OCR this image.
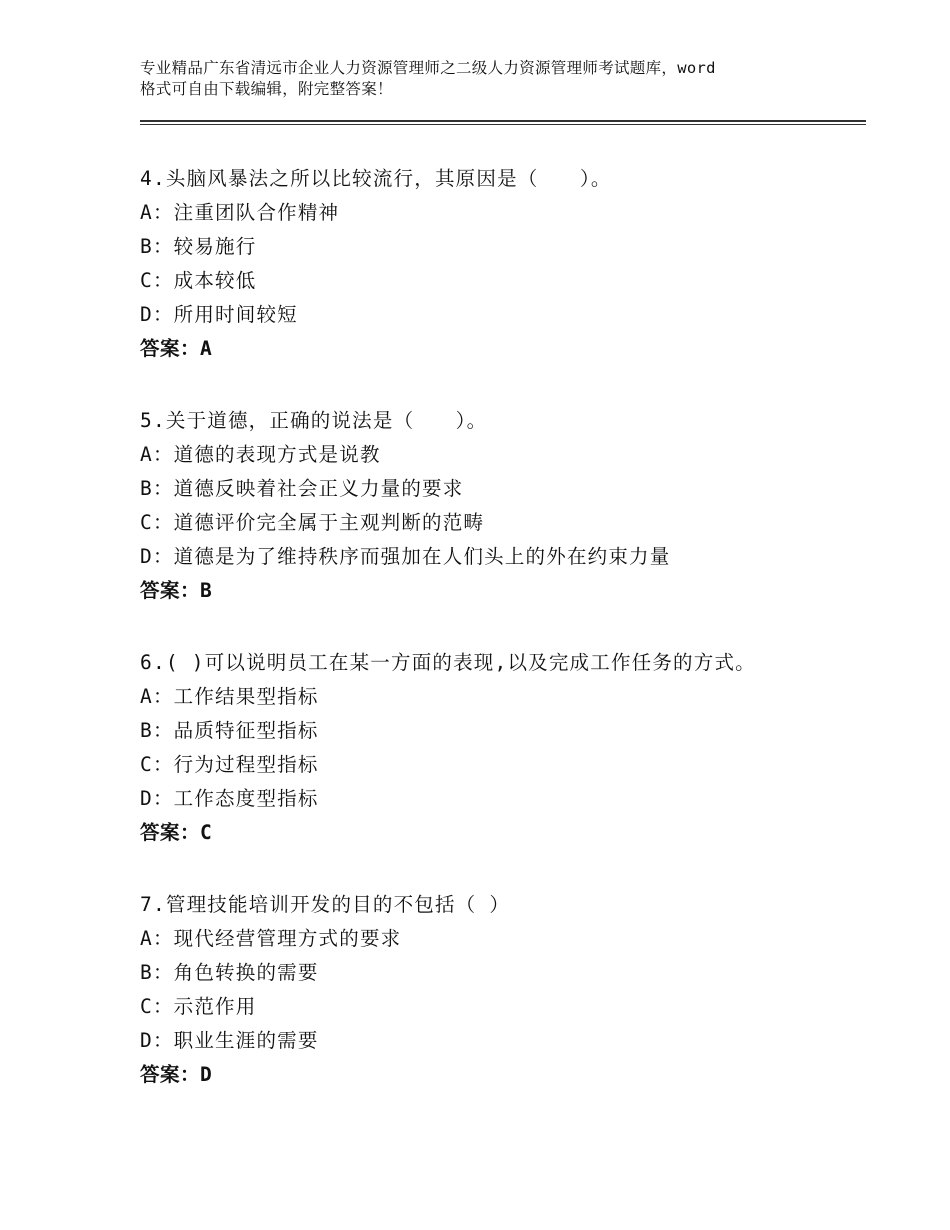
专业精品广东省清远市企业人力资源管理师之二级人力资源管理师考试题库，word
格式可自由下载编辑，附完整答案！
4.头脑风暴法之所以比较流行，其原因是（　　）。
A：注重团队合作精神
B：较易施行
C：成本较低
D：所用时间较短
答案：A
5.关于道德，正确的说法是（　　）。
A：道德的表现方式是说教
B：道德反映着社会正义力量的要求
C：道德评价完全属于主观判断的范畴
D：道德是为了维持秩序而强加在人们头上的外在约束力量
答案：B
6.( )可以说明员工在某一方面的表现,以及完成工作任务的方式。
A：工作结果型指标
B：品质特征型指标
C：行为过程型指标
D：工作态度型指标
答案：C
7.管理技能培训开发的目的不包括（ ）
A：现代经营管理方式的要求
B：角色转换的需要
C：示范作用
D：职业生涯的需要
答案：D
